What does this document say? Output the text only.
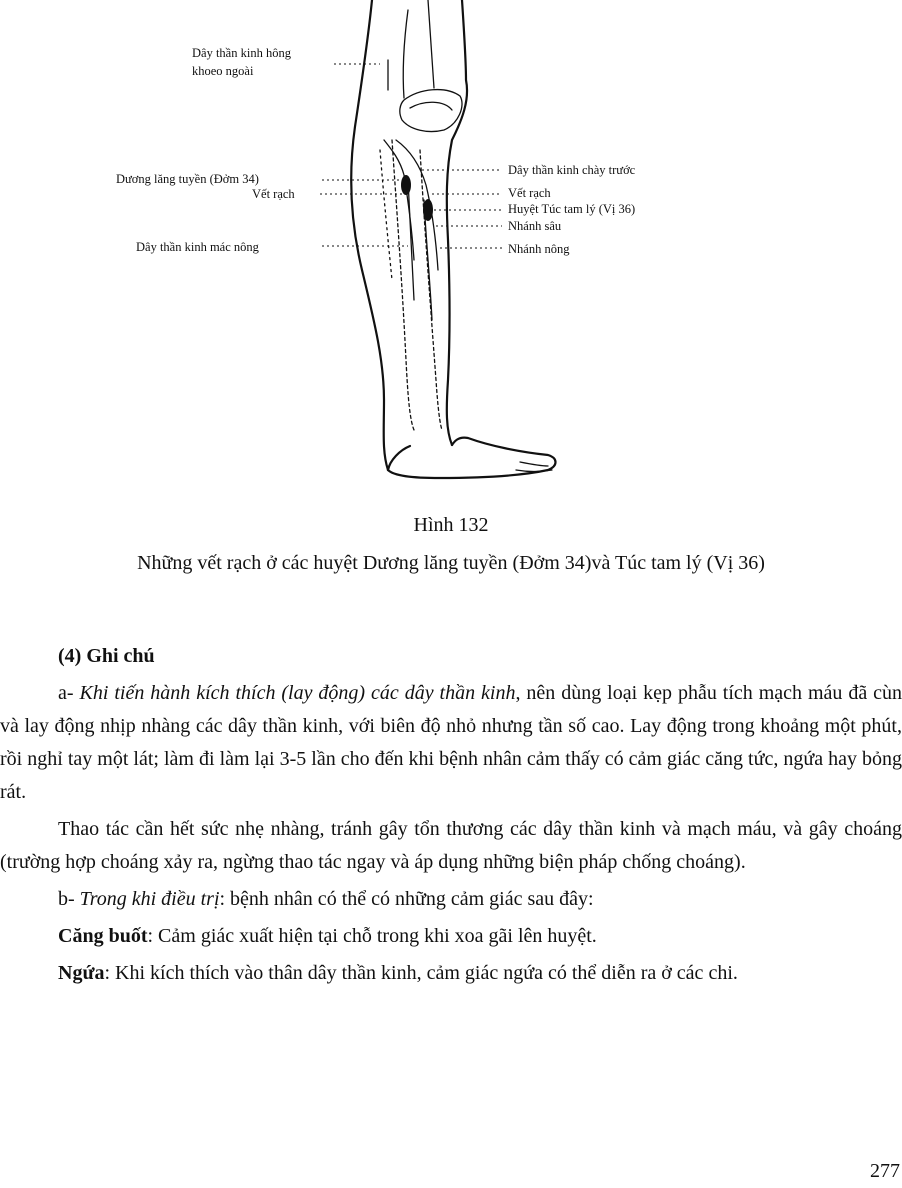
Dây thần kinh hông
khoeo ngoài
Dương lăng tuyền (Đởm 34)
Vết rạch
Dây thần kinh mác nông
Dây thần kinh chày trước
Vết rạch
Huyệt Túc tam lý (Vị 36)
Nhánh sâu
Nhánh nông
Hình 132
Những vết rạch ở các huyệt Dương lăng tuyền (Đởm 34)và Túc tam lý (Vị 36)

(4) Ghi chú

a- Khi tiến hành kích thích (lay động) các dây thần kinh, nên dùng loại kẹp phẫu tích mạch máu đã cùn và lay động nhịp nhàng các dây thần kinh, với biên độ nhỏ nhưng tần số cao. Lay động trong khoảng một phút, rồi nghỉ tay một lát; làm đi làm lại 3-5 lần cho đến khi bệnh nhân cảm thấy có cảm giác căng tức, ngứa hay bỏng rát.

Thao tác cần hết sức nhẹ nhàng, tránh gây tổn thương các dây thần kinh và mạch máu, và gây choáng (trường hợp choáng xảy ra, ngừng thao tác ngay và áp dụng những biện pháp chống choáng).

b- Trong khi điều trị: bệnh nhân có thể có những cảm giác sau đây:

Căng buốt: Cảm giác xuất hiện tại chỗ trong khi xoa gãi lên huyệt.

Ngứa: Khi kích thích vào thân dây thần kinh, cảm giác ngứa có thể diễn ra ở các chi.

277
